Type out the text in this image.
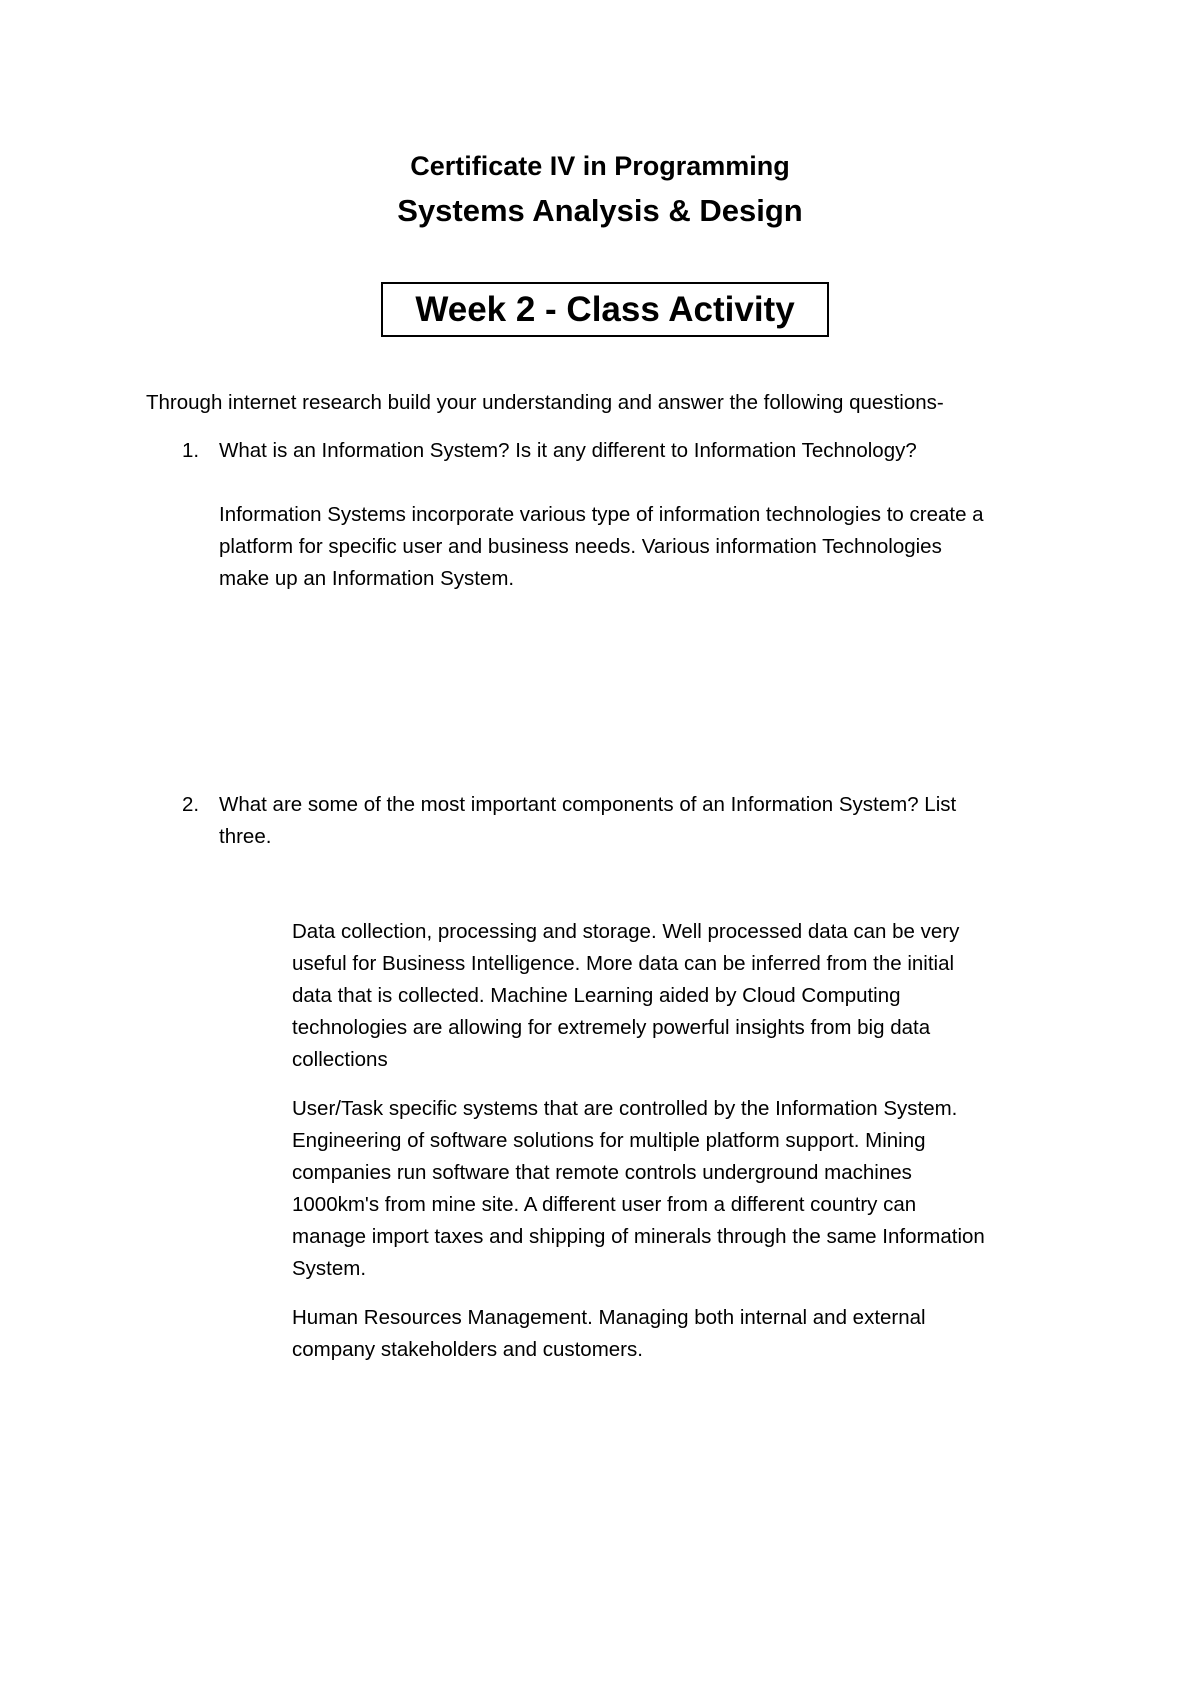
Certificate IV in Programming
Systems Analysis & Design
Week 2 - Class Activity
Through internet research build your understanding and answer the following questions-
1. What is an Information System? Is it any different to Information Technology?
Information Systems incorporate various type of information technologies to create a
platform for specific user and business needs. Various information Technologies
make up an Information System.
2. What are some of the most important components of an Information System? List
three.
Data collection, processing and storage. Well processed data can be very
useful for Business Intelligence. More data can be inferred from the initial
data that is collected. Machine Learning aided by Cloud Computing
technologies are allowing for extremely powerful insights from big data
collections
User/Task specific systems that are controlled by the Information System.
Engineering of software solutions for multiple platform support. Mining
companies run software that remote controls underground machines
1000km's from mine site. A different user from a different country can
manage import taxes and shipping of minerals through the same Information
System.
Human Resources Management. Managing both internal and external
company stakeholders and customers.
